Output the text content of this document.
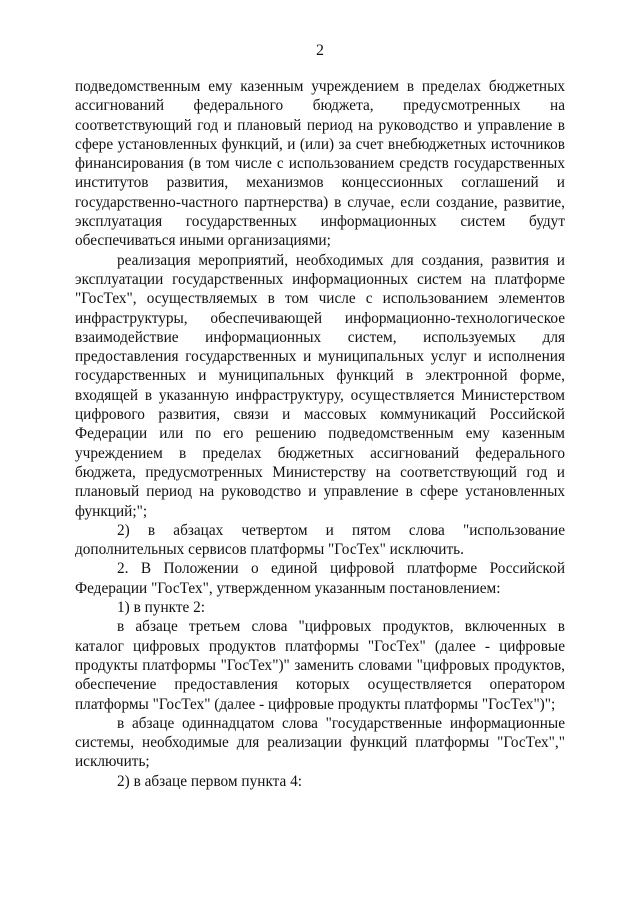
2

подведомственным ему казенным учреждением в пределах бюджетных ассигнований федерального бюджета, предусмотренных на соответствующий год и плановый период на руководство и управление в сфере установленных функций, и (или) за счет внебюджетных источников финансирования (в том числе с использованием средств государственных институтов развития, механизмов концессионных соглашений и государственно-частного партнерства) в случае, если создание, развитие, эксплуатация государственных информационных систем будут обеспечиваться иными организациями;

реализация мероприятий, необходимых для создания, развития и эксплуатации государственных информационных систем на платформе "ГосТех", осуществляемых в том числе с использованием элементов инфраструктуры, обеспечивающей информационно-технологическое взаимодействие информационных систем, используемых для предоставления государственных и муниципальных услуг и исполнения государственных и муниципальных функций в электронной форме, входящей в указанную инфраструктуру, осуществляется Министерством цифрового развития, связи и массовых коммуникаций Российской Федерации или по его решению подведомственным ему казенным учреждением в пределах бюджетных ассигнований федерального бюджета, предусмотренных Министерству на соответствующий год и плановый период на руководство и управление в сфере установленных функций;";

2) в абзацах четвертом и пятом слова "использование дополнительных сервисов платформы "ГосТех" исключить.

2. В Положении о единой цифровой платформе Российской Федерации "ГосТех", утвержденном указанным постановлением:

1) в пункте 2:

в абзаце третьем слова "цифровых продуктов, включенных в каталог цифровых продуктов платформы "ГосТех" (далее - цифровые продукты платформы "ГосТех")" заменить словами "цифровых продуктов, обеспечение предоставления которых осуществляется оператором платформы "ГосТех" (далее - цифровые продукты платформы "ГосТех")";

в абзаце одиннадцатом слова "государственные информационные системы, необходимые для реализации функций платформы "ГосТех"," исключить;

2) в абзаце первом пункта 4:
